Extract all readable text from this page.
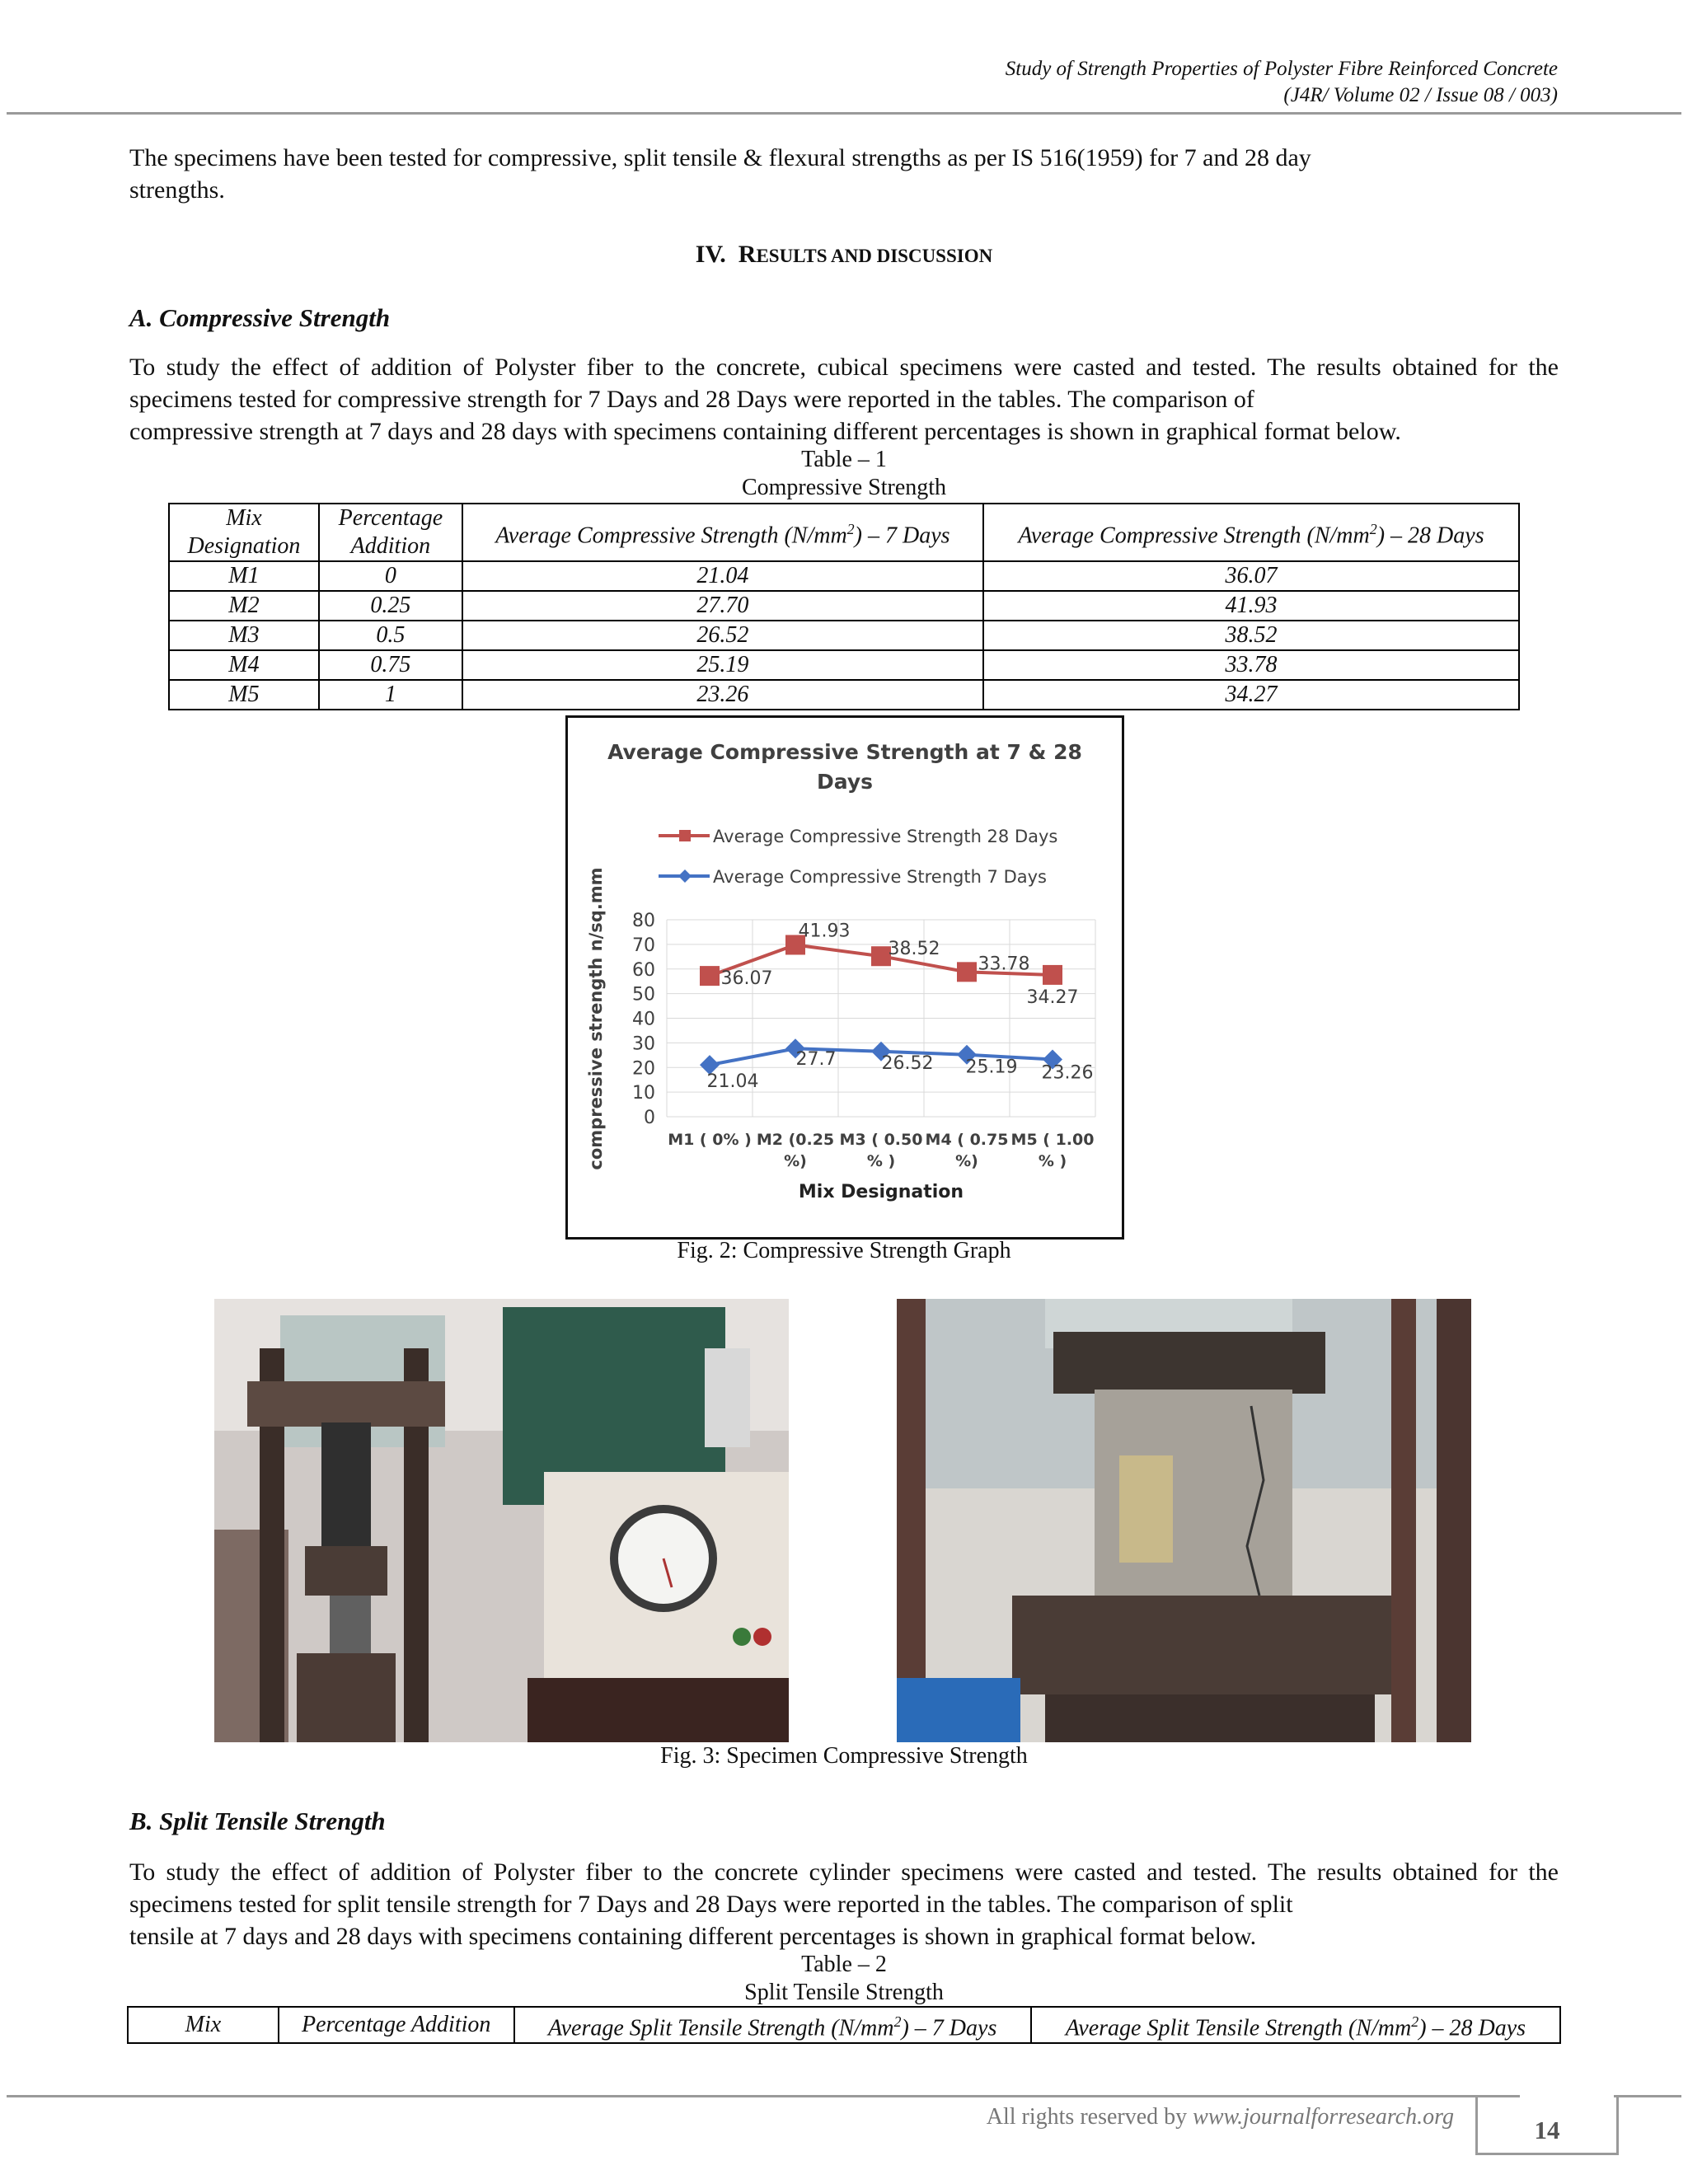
Study of Strength Properties of Polyster Fibre Reinforced Concrete
(J4R/ Volume 02 / Issue 08 / 003)
The specimens have been tested for compressive, split tensile & flexural strengths as per IS 516(1959) for 7 and 28 day
strengths.
IV. RESULTS AND DISCUSSION
A. Compressive Strength
To study the effect of addition of Polyster fiber to the concrete, cubical specimens were casted and tested. The results obtained for the specimens tested for compressive strength for 7 Days and 28 Days were reported in the tables. The comparison of
compressive strength at 7 days and 28 days with specimens containing different percentages is shown in graphical format below.
Table – 1
Compressive Strength
Mix Designation	Percentage Addition	Average Compressive Strength $(N/mm^2) - 7$ Days	Average Compressive Strength $(N/mm^2) - 28$ Days
M1	0	21.04	36.07
M2	0.25	27.70	41.93
M3	0.5	26.52	38.52
M4	0.75	25.19	33.78
M5	1	23.26	34.27
Average Compressive Strength at 7 & 28
Days
Average Compressive Strength 28 Days
Average Compressive Strength 7 Days
0
10
20
30
40
50
60
70
80
compressive strength n/sq.mm	M1 ( 0% ) M2 (0.25
%)
M3 ( 0.50
% )
M4 ( 0.75
%)
M5 ( 1.00
% )
Mix Designation
36.07
41.93
38.52
33.78
34.27
21.04
27.7	26.52 25.19 23.26
Fig. 2: Compressive Strength Graph
Fig. 3: Specimen Compressive Strength
B. Split Tensile Strength
To study the effect of addition of Polyster fiber to the concrete cylinder specimens were casted and tested. The results obtained for the specimens tested for split tensile strength for 7 Days and 28 Days were reported in the tables. The comparison of split
tensile at 7 days and 28 days with specimens containing different percentages is shown in graphical format below.
Table – 2
Split Tensile Strength
Mix	Percentage Addition	Average Split Tensile Strength $(N/mm^2) - 7$ Days	Average Split Tensile Strength $(N/mm^2) - 28$ Days
All rights reserved by www.journalforresearch.org	14
